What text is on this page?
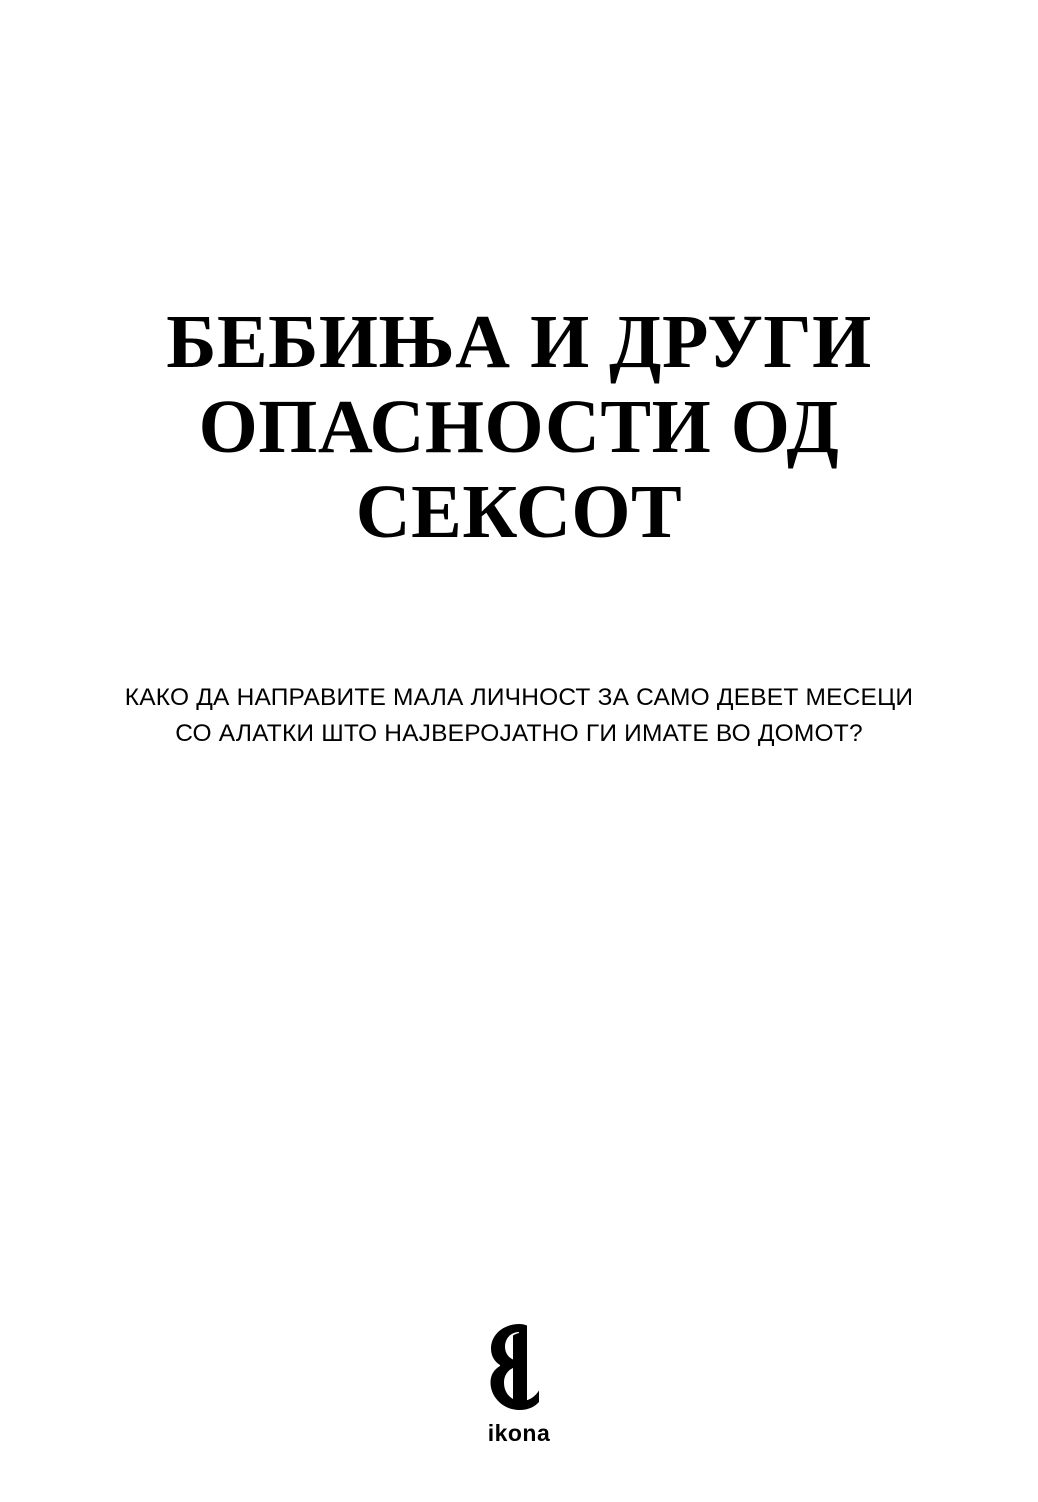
БЕБИЊА И ДРУГИ
ОПАСНОСТИ ОД
СЕКСОТ
КАКО ДА НАПРАВИТЕ МАЛА ЛИЧНОСТ ЗА САМО ДЕВЕТ МЕСЕЦИ
СО АЛАТКИ ШТО НАЈВЕРОЈАТНО ГИ ИМАТЕ ВО ДОМОТ?
ikona
